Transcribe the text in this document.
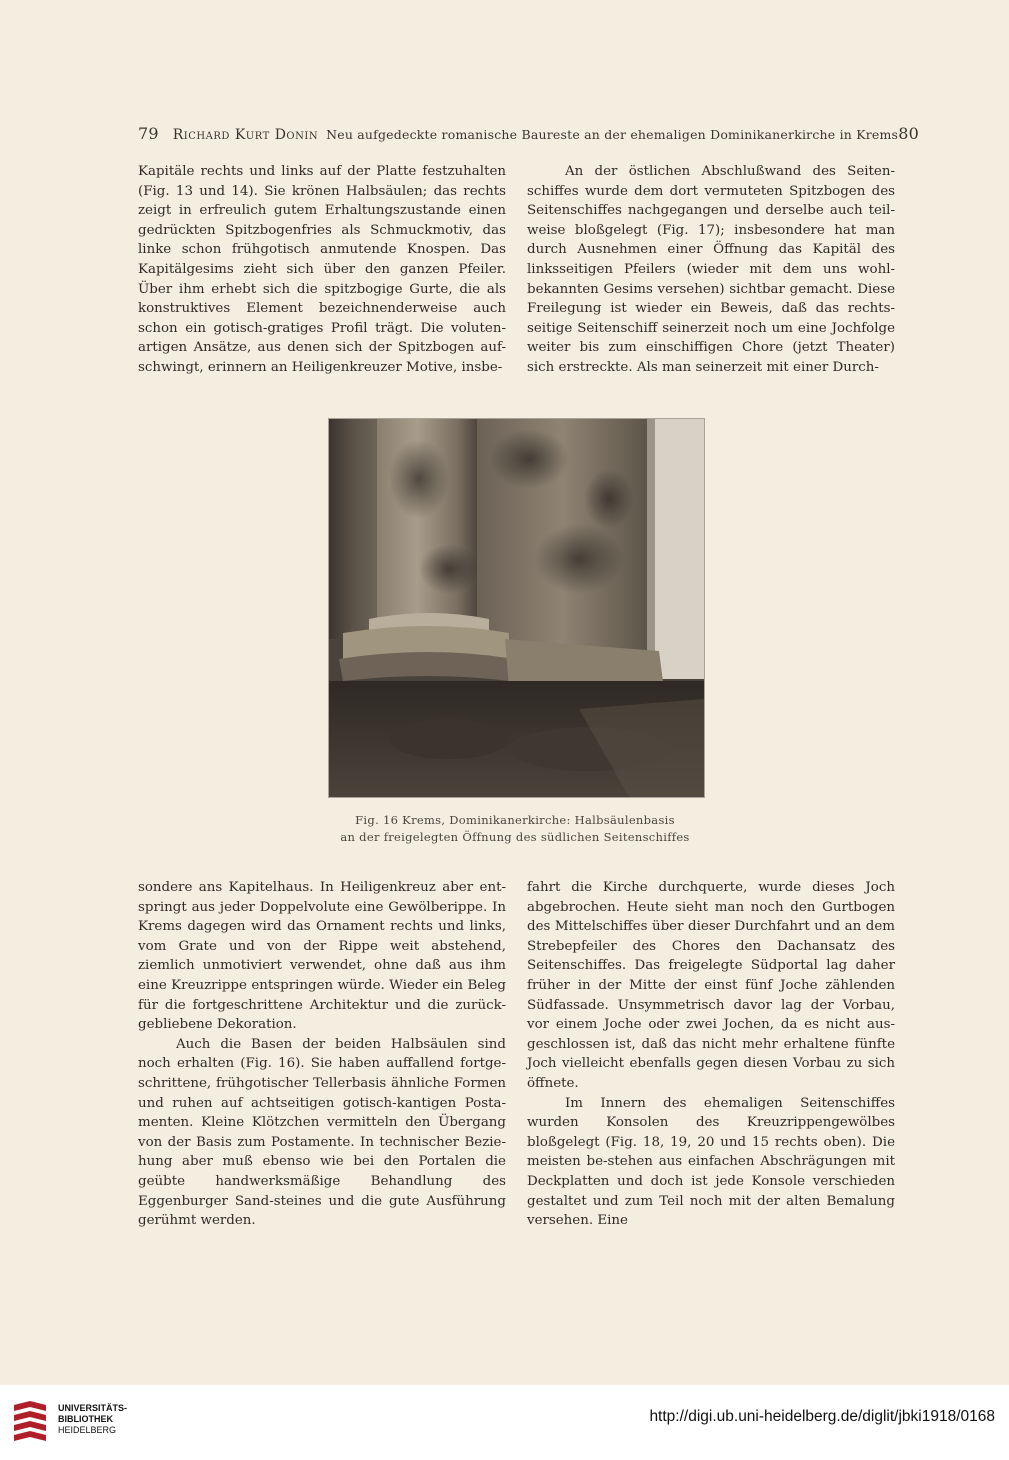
79 Richard Kurt Donin Neu aufgedeckte romanische Baureste an der ehemaligen Dominikanerkirche in Krems 80

Kapitäle rechts und links auf der Platte festzuhalten (Fig. 13 und 14). Sie krönen Halbsäulen; das rechts zeigt in erfreulich gutem Erhaltungszustande einen gedrückten Spitzbogenfries als Schmuckmotiv, das linke schon frühgotisch anmutende Knospen. Das Kapitälgesims zieht sich über den ganzen Pfeiler. Über ihm erhebt sich die spitzbogige Gurte, die als konstruktives Element bezeichnenderweise auch schon ein gotisch-gratiges Profil trägt. Die voluten-artigen Ansätze, aus denen sich der Spitzbogen auf-schwingt, erinnern an Heiligenkreuzer Motive, insbe-

An der östlichen Abschlußwand des Seiten-schiffes wurde dem dort vermuteten Spitzbogen des Seitenschiffes nachgegangen und derselbe auch teil-weise bloßgelegt (Fig. 17); insbesondere hat man durch Ausnehmen einer Öffnung das Kapitäl des linksseitigen Pfeilers (wieder mit dem uns wohl-bekannten Gesims versehen) sichtbar gemacht. Diese Freilegung ist wieder ein Beweis, daß das rechts-seitige Seitenschiff seinerzeit noch um eine Jochfolge weiter bis zum einschiffigen Chore (jetzt Theater) sich erstreckte. Als man seinerzeit mit einer Durch-

Fig. 16 Krems, Dominikanerkirche: Halbsäulenbasis
an der freigelegten Öffnung des südlichen Seitenschiffes

sondere ans Kapitelhaus. In Heiligenkreuz aber ent-springt aus jeder Doppelvolute eine Gewölberippe. In Krems dagegen wird das Ornament rechts und links, vom Grate und von der Rippe weit abstehend, ziemlich unmotiviert verwendet, ohne daß aus ihm eine Kreuzrippe entspringen würde. Wieder ein Beleg für die fortgeschrittene Architektur und die zurück-gebliebene Dekoration.

Auch die Basen der beiden Halbsäulen sind noch erhalten (Fig. 16). Sie haben auffallend fortge-schrittene, frühgotischer Tellerbasis ähnliche Formen und ruhen auf achtseitigen gotisch-kantigen Posta-menten. Kleine Klötzchen vermitteln den Übergang von der Basis zum Postamente. In technischer Bezie-hung aber muß ebenso wie bei den Portalen die geübte handwerksmäßige Behandlung des Eggenburger Sand-steines und die gute Ausführung gerühmt werden.

fahrt die Kirche durchquerte, wurde dieses Joch abgebrochen. Heute sieht man noch den Gurtbogen des Mittelschiffes über dieser Durchfahrt und an dem Strebepfeiler des Chores den Dachansatz des Seitenschiffes. Das freigelegte Südportal lag daher früher in der Mitte der einst fünf Joche zählenden Südfassade. Unsymmetrisch davor lag der Vorbau, vor einem Joche oder zwei Jochen, da es nicht aus-geschlossen ist, daß das nicht mehr erhaltene fünfte Joch vielleicht ebenfalls gegen diesen Vorbau zu sich öffnete.

Im Innern des ehemaligen Seitenschiffes wurden Konsolen des Kreuzrippengewölbes bloßgelegt (Fig. 18, 19, 20 und 15 rechts oben). Die meisten be-stehen aus einfachen Abschrägungen mit Deckplatten und doch ist jede Konsole verschieden gestaltet und zum Teil noch mit der alten Bemalung versehen. Eine

UNIVERSITÄTS-
BIBLIOTHEK
HEIDELBERG
http://digi.ub.uni-heidelberg.de/diglit/jbki1918/0168
